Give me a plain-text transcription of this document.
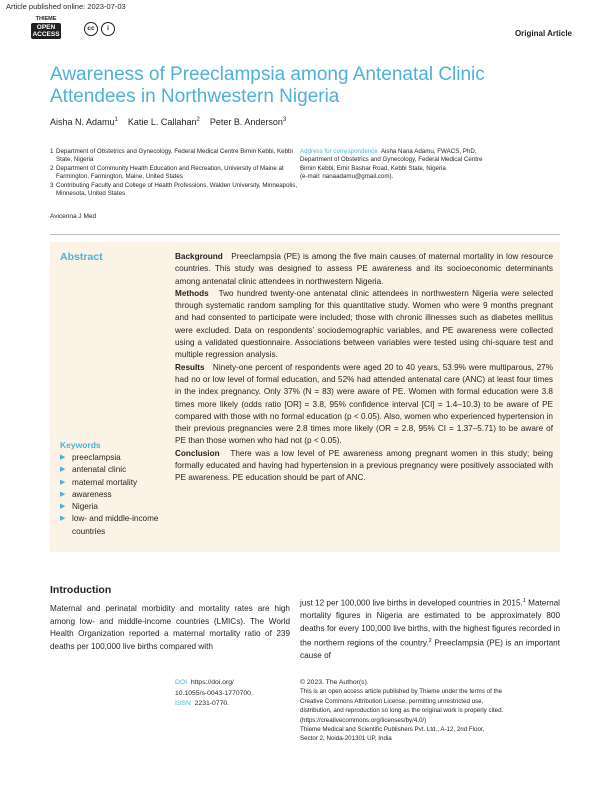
Article published online: 2023-07-03
THIEME
OPEN
ACCESS
cc	i
Original Article
Awareness of Preeclampsia among Antenatal Clinic Attendees in Northwestern Nigeria
Aisha N. Adamu$^1$ Katie L. Callahan$^2$ Peter B. Anderson$^3$
1 Department of Obstetrics and Gynecology, Federal Medical Centre Birnin Kebbi, Kebbi State, Nigeria
2 Department of Community Health Education and Recreation, University of Maine at Farmington, Farmington, Maine, United States
3 Contributing Faculty and College of Health Professions, Walden University, Minneapolis, Minnesota, United States
Address for correspondence Aisha Nana Adamu, FWACS, PhD,
Department of Obstetrics and Gynecology, Federal Medical Centre
Birnin Kebbi, Emir Bashar Road, Kebbi State, Nigeria
(e-mail: nanaadamu@gmail.com).
Avicenna J Med
Abstract	Background Preeclampsia (PE) is among the five main causes of maternal mortality in low resource countries. This study was designed to assess PE awareness and its socioeconomic determinants among antenatal clinic attendees in northwestern Nigeria.

Methods Two hundred twenty-one antenatal clinic attendees in northwestern Nigeria were selected through systematic random sampling for this quantitative study. Women who were 9 months pregnant and had consented to participate were included; those with chronic illnesses such as diabetes mellitus were excluded. Data on respondents’ sociodemographic variables, and PE awareness were collected using a validated questionnaire. Associations between variables were tested using chi-square test and multiple regression analysis.

Results Ninety-one percent of respondents were aged 20 to 40 years, 53.9% were multiparous, 27% had no or low level of formal education, and 52% had attended antenatal care (ANC) at least four times in the index pregnancy. Only 37% (N = 83) were aware of PE. Women with formal education were 3.8 times more likely (odds ratio [OR] = 3.8, 95% confidence interval [CI] = 1.4–10.3) to be aware of PE compared with those with no formal education (p < 0.05). Also, women who experienced hypertension in their previous pregnancies were 2.8 times more likely (OR = 2.8, 95% CI = 1.37–5.71) to be aware of PE than those women who had not (p < 0.05).

Conclusion There was a low level of PE awareness among pregnant women in this study; being formally educated and having had hypertension in a previous pregnancy were positively associated with PE awareness. PE education should be part of ANC.

Keywords
▶ preeclampsia
▶ antenatal clinic
▶ maternal mortality
▶ awareness
▶ Nigeria
▶ low- and middle-income countries
Introduction
Maternal and perinatal morbidity and mortality rates are high among low- and middle-income countries (LMICs). The World Health Organization reported a maternal mortality ratio of 239 deaths per 100,000 live births compared with
just 12 per 100,000 live births in developed countries in 2015.$^1$ Maternal mortality figures in Nigeria are estimated to be approximately 800 deaths for every 100,000 live births, with the highest figures recorded in the northern regions of the country.$^2$ Preeclampsia (PE) is an important cause of
DOI https://doi.org/
10.1055/s-0043-1770700.
ISSN 2231-0770.
© 2023. The Author(s).
This is an open access article published by Thieme under the terms of the
Creative Commons Attribution License, permitting unrestricted use,
distribution, and reproduction so long as the original work is properly cited.
(https://creativecommons.org/licenses/by/4.0/)
Thieme Medical and Scientific Publishers Pvt. Ltd., A-12, 2nd Floor,
Sector 2, Noida-201301 UP, India
